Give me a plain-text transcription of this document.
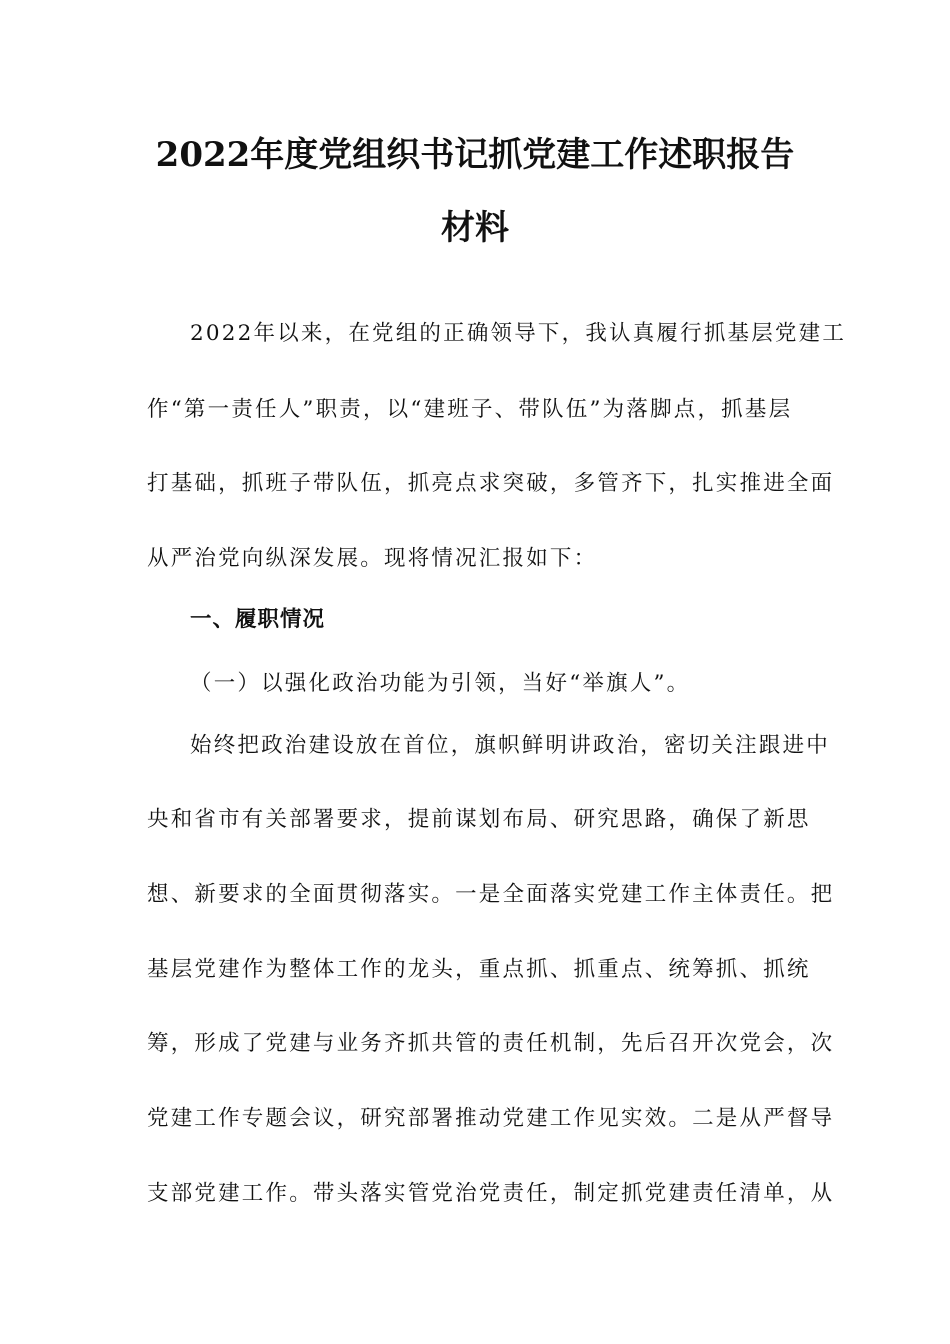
2022年度党组织书记抓党建工作述职报告
材料
2022年以来，在党组的正确领导下，我认真履行抓基层党建工
作“第一责任人”职责，以“建班子、带队伍”为落脚点，抓基层
打基础，抓班子带队伍，抓亮点求突破，多管齐下，扎实推进全面
从严治党向纵深发展。现将情况汇报如下：
一、履职情况
（一）以强化政治功能为引领，当好“举旗人”。
始终把政治建设放在首位，旗帜鲜明讲政治，密切关注跟进中
央和省市有关部署要求，提前谋划布局、研究思路，确保了新思
想、新要求的全面贯彻落实。一是全面落实党建工作主体责任。把
基层党建作为整体工作的龙头，重点抓、抓重点、统筹抓、抓统
筹，形成了党建与业务齐抓共管的责任机制，先后召开次党会，次
党建工作专题会议，研究部署推动党建工作见实效。二是从严督导
支部党建工作。带头落实管党治党责任，制定抓党建责任清单，从
